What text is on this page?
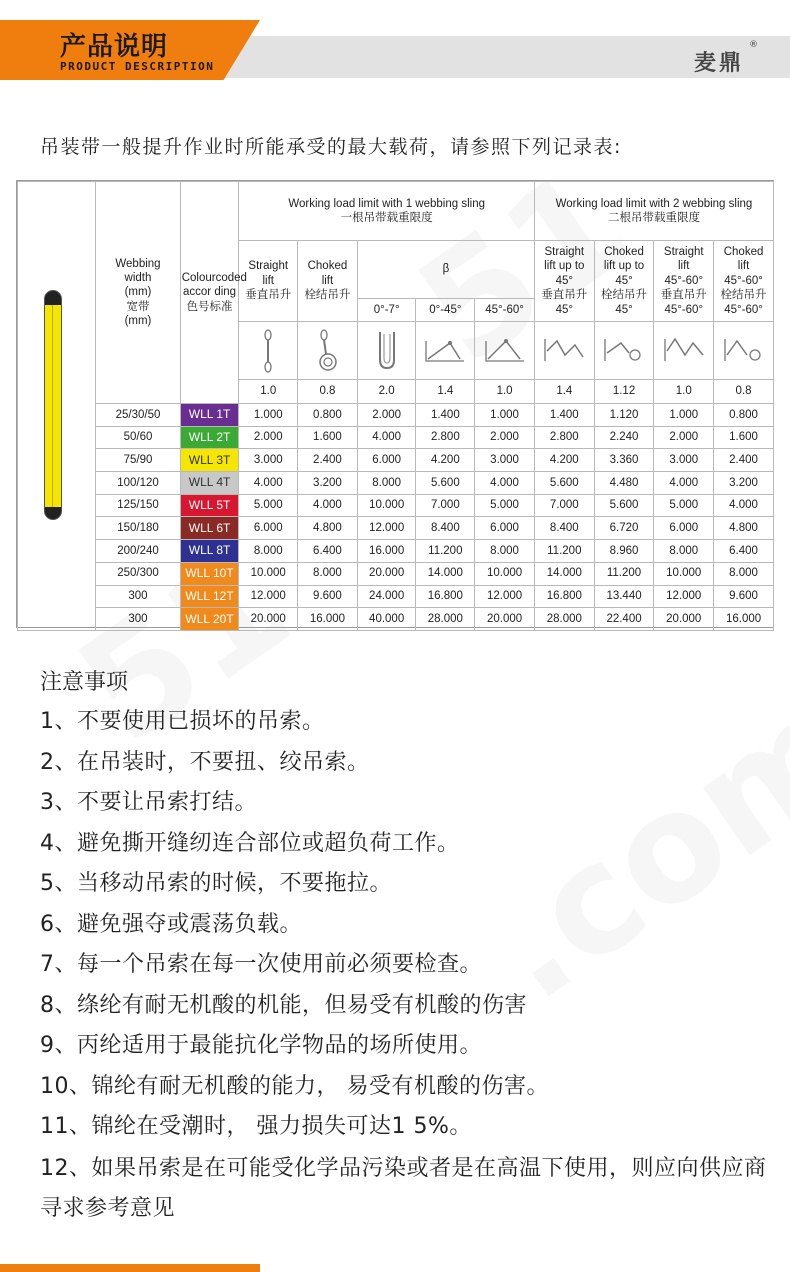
产品说明
PRODUCT DESCRIPTION	麦鼎
®
吊装带一般提升作业时所能承受的最大载荷，请参照下列记录表:
	Webbing
width
(mm)
宽带
(mm)	Colourcoded
accor ding
色号标准	Working load limit with 1 webbing sling
一根吊带载重限度					Working load limit with 2 webbing sling
二根吊带载重限度			
			Straight
lift
垂直吊升	Choked
lift
栓结吊升	β			Straight
lift up to
45°
垂直吊升
45°	Choked
lift up to
45°
栓结吊升
45°	Straight
lift
45°-60°
垂直吊升
45°-60°	Choked
lift
45°-60°
栓结吊升
45°-60°
					0°-7°	0°-45°	45°-60°				

			1.0	0.8	2.0	1.4	1.0	1.4	1.12	1.0	0.8
	25/30/50	WLL 1T	1.000	0.800	2.000	1.400	1.000	1.400	1.120	1.000	0.800
	50/60	WLL 2T	2.000	1.600	4.000	2.800	2.000	2.800	2.240	2.000	1.600
	75/90	WLL 3T	3.000	2.400	6.000	4.200	3.000	4.200	3.360	3.000	2.400
	100/120	WLL 4T	4.000	3.200	8.000	5.600	4.000	5.600	4.480	4.000	3.200
	125/150	WLL 5T	5.000	4.000	10.000	7.000	5.000	7.000	5.600	5.000	4.000
	150/180	WLL 6T	6.000	4.800	12.000	8.400	6.000	8.400	6.720	6.000	4.800
	200/240	WLL 8T	8.000	6.400	16.000	11.200	8.000	11.200	8.960	8.000	6.400
	250/300	WLL 10T	10.000	8.000	20.000	14.000	10.000	14.000	11.200	10.000	8.000
	300	WLL 12T	12.000	9.600	24.000	16.800	12.000	16.800	13.440	12.000	9.600
	300	WLL 20T	20.000	16.000	40.000	28.000	20.000	28.000	22.400	20.000	16.000
注意事项
1、不要使用已损坏的吊索。
2、在吊装时，不要扭、绞吊索。
3、不要让吊索打结。
4、避免撕开缝纫连合部位或超负荷工作。
5、当移动吊索的时候，不要拖拉。
6、避免强夺或震荡负载。
7、每一个吊索在每一次使用前必须要检查。
8、绦纶有耐无机酸的机能，但易受有机酸的伤害
9、丙纶适用于最能抗化学物品的场所使用。
10、锦纶有耐无机酸的能力， 易受有机酸的伤害。
11、锦纶在受潮时， 强力损失可达1 5%。
12、如果吊索是在可能受化学品污染或者是在高温下使用，则应向供应商寻求参考意见
